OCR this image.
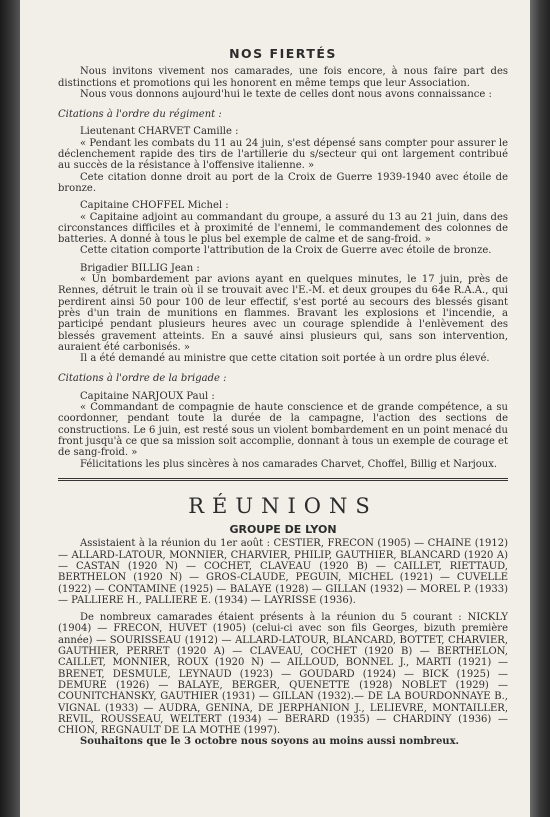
NOS FIERTÉS

Nous invitons vivement nos camarades, une fois encore, à nous faire part des distinctions et promotions qui les honorent en même temps que leur Association.

Nous vous donnons aujourd'hui le texte de celles dont nous avons connaissance :

Citations à l'ordre du régiment :

Lieutenant CHARVET Camille :

« Pendant les combats du 11 au 24 juin, s'est dépensé sans compter pour assurer le déclenchement rapide des tirs de l'artillerie du s/secteur qui ont largement contribué au succès de la résistance à l'offensive italienne. »

Cete citation donne droit au port de la Croix de Guerre 1939-1940 avec étoile de bronze.

Capitaine CHOFFEL Michel :

« Capitaine adjoint au commandant du groupe, a assuré du 13 au 21 juin, dans des circonstances difficiles et à proximité de l'ennemi, le commandement des colonnes de batteries. A donné à tous le plus bel exemple de calme et de sang-froid. »

Cette citation comporte l'attribution de la Croix de Guerre avec étoile de bronze.

Brigadier BILLIG Jean :

« Un bombardement par avions ayant en quelques minutes, le 17 juin, près de Rennes, détruit le train où il se trouvait avec l'E.-M. et deux groupes du 64e R.A.A., qui perdirent ainsi 50 pour 100 de leur effectif, s'est porté au secours des blessés gisant près d'un train de munitions en flammes. Bravant les explosions et l'incendie, a participé pendant plusieurs heures avec un courage splendide à l'enlèvement des blessés gravement atteints. En a sauvé ainsi plusieurs qui, sans son intervention, auraient été carbonisés. »

Il a été demandé au ministre que cette citation soit portée à un ordre plus élevé.

Citations à l'ordre de la brigade :

Capitaine NARJOUX Paul :

« Commandant de compagnie de haute conscience et de grande compétence, a su coordonner, pendant toute la durée de la campagne, l'action des sections de constructions. Le 6 juin, est resté sous un violent bombardement en un point menacé du front jusqu'à ce que sa mission soit accomplie, donnant à tous un exemple de courage et de sang-froid. »

Félicitations les plus sincères à nos camarades Charvet, Choffel, Billig et Narjoux.

RÉUNIONS
GROUPE DE LYON

Assistaient à la réunion du 1er août : CESTIER, FRECON (1905) — CHAINE (1912) — ALLARD-LATOUR, MONNIER, CHARVIER, PHILIP, GAUTHIER, BLANCARD (1920 A) — CASTAN (1920 N) — COCHET, CLAVEAU (1920 B) — CAILLET, RIETTAUD, BERTHELON (1920 N) — GROS-CLAUDE, PEGUIN, MICHEL (1921) — CUVELLE (1922) — CONTAMINE (1925) — BALAYE (1928) — GILLAN (1932) — MOREL P. (1933) — PALLIERE H., PALLIERE E. (1934) — LAYRISSE (1936).

De nombreux camarades étaient présents à la réunion du 5 courant : NICKLY (1904) — FRECON, HUVET (1905) (celui-ci avec son fils Georges, bizuth première année) — SOURISSEAU (1912) — ALLARD-LATOUR, BLANCARD, BOTTET, CHARVIER, GAUTHIER, PERRET (1920 A) — CLAVEAU, COCHET (1920 B) — BERTHELON, CAILLET, MONNIER, ROUX (1920 N) — AILLOUD, BONNEL J., MARTI (1921) — BRENET, DESMULE, LEYNAUD (1923) — GOUDARD (1924) — BICK (1925) — DEMURE (1926) — BALAYE, BERGER, QUENETTE (1928) NOBLET (1929) — COUNITCHANSKY, GAUTHIER (1931) — GILLAN (1932).— DE LA BOURDONNAYE B., VIGNAL (1933) — AUDRA, GENINA, DE JERPHANION J., LELIEVRE, MONTAILLER, REVIL, ROUSSEAU, WELTERT (1934) — BERARD (1935) — CHARDINY (1936) — CHION, REGNAULT DE LA MOTHE (1997).

Souhaitons que le 3 octobre nous soyons au moins aussi nombreux.
